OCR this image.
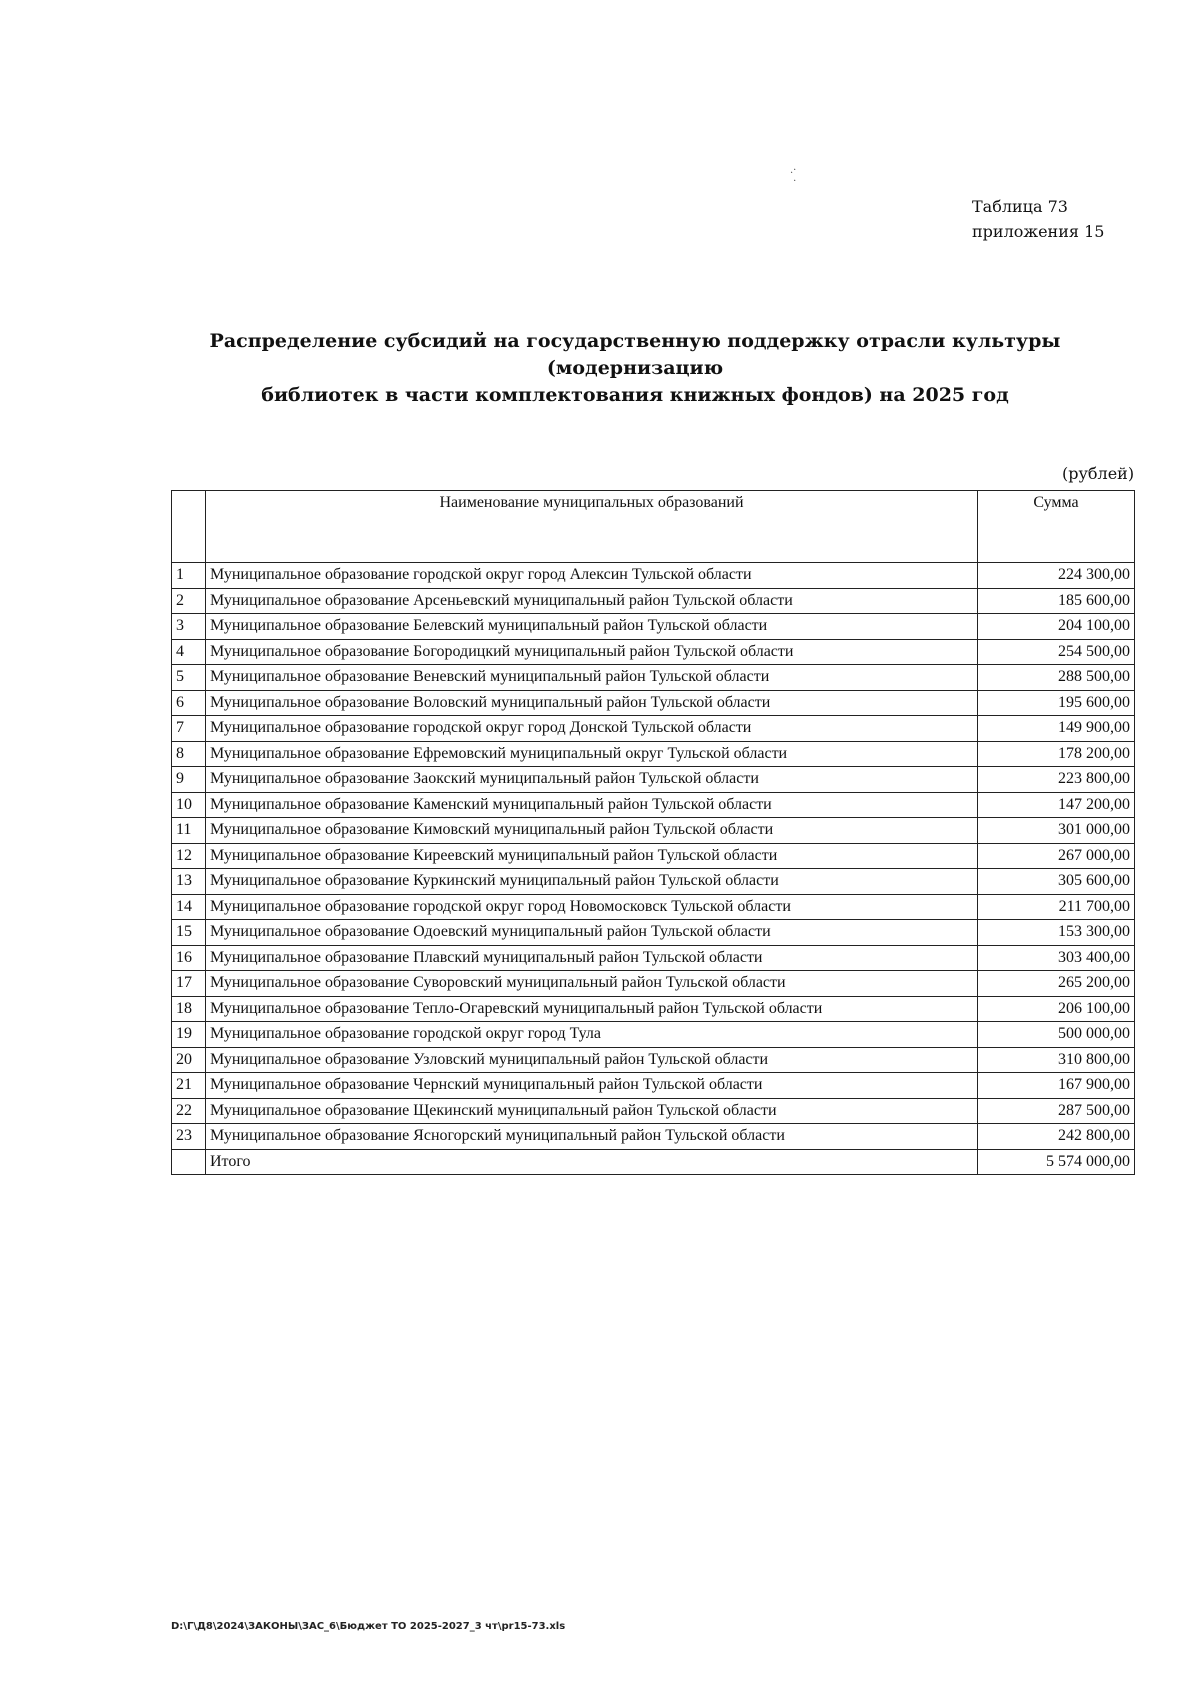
.·
·
Таблица 73
приложения 15
Распределение субсидий на государственную поддержку отрасли культуры (модернизацию
библиотек в части комплектования книжных фондов) на 2025 год
(рублей)
	Наименование муниципальных образований	Сумма
1	Муниципальное образование городской округ город Алексин Тульской области	224 300,00
2	Муниципальное образование Арсеньевский муниципальный район Тульской области	185 600,00
3	Муниципальное образование Белевский муниципальный район Тульской области	204 100,00
4	Муниципальное образование Богородицкий муниципальный район Тульской области	254 500,00
5	Муниципальное образование Веневский муниципальный район Тульской области	288 500,00
6	Муниципальное образование Воловский муниципальный район Тульской области	195 600,00
7	Муниципальное образование городской округ город Донской Тульской области	149 900,00
8	Муниципальное образование Ефремовский муниципальный округ Тульской области	178 200,00
9	Муниципальное образование Заокский муниципальный район Тульской области	223 800,00
10	Муниципальное образование Каменский муниципальный район Тульской области	147 200,00
11	Муниципальное образование Кимовский муниципальный район Тульской области	301 000,00
12	Муниципальное образование Киреевский муниципальный район Тульской области	267 000,00
13	Муниципальное образование Куркинский муниципальный район Тульской области	305 600,00
14	Муниципальное образование городской округ город Новомосковск Тульской области	211 700,00
15	Муниципальное образование Одоевский муниципальный район Тульской области	153 300,00
16	Муниципальное образование Плавский муниципальный район Тульской области	303 400,00
17	Муниципальное образование Суворовский муниципальный район Тульской области	265 200,00
18	Муниципальное образование Тепло-Огаревский муниципальный район Тульской области	206 100,00
19	Муниципальное образование городской округ город Тула	500 000,00
20	Муниципальное образование Узловский муниципальный район Тульской области	310 800,00
21	Муниципальное образование Чернский муниципальный район Тульской области	167 900,00
22	Муниципальное образование Щекинский муниципальный район Тульской области	287 500,00
23	Муниципальное образование Ясногорский муниципальный район Тульской области	242 800,00
	Итого	5 574 000,00
D:\Г\Д8\2024\ЗАКОНЫ\ЗАС_6\Бюджет ТО 2025-2027_3 чт\pr15-73.xls
